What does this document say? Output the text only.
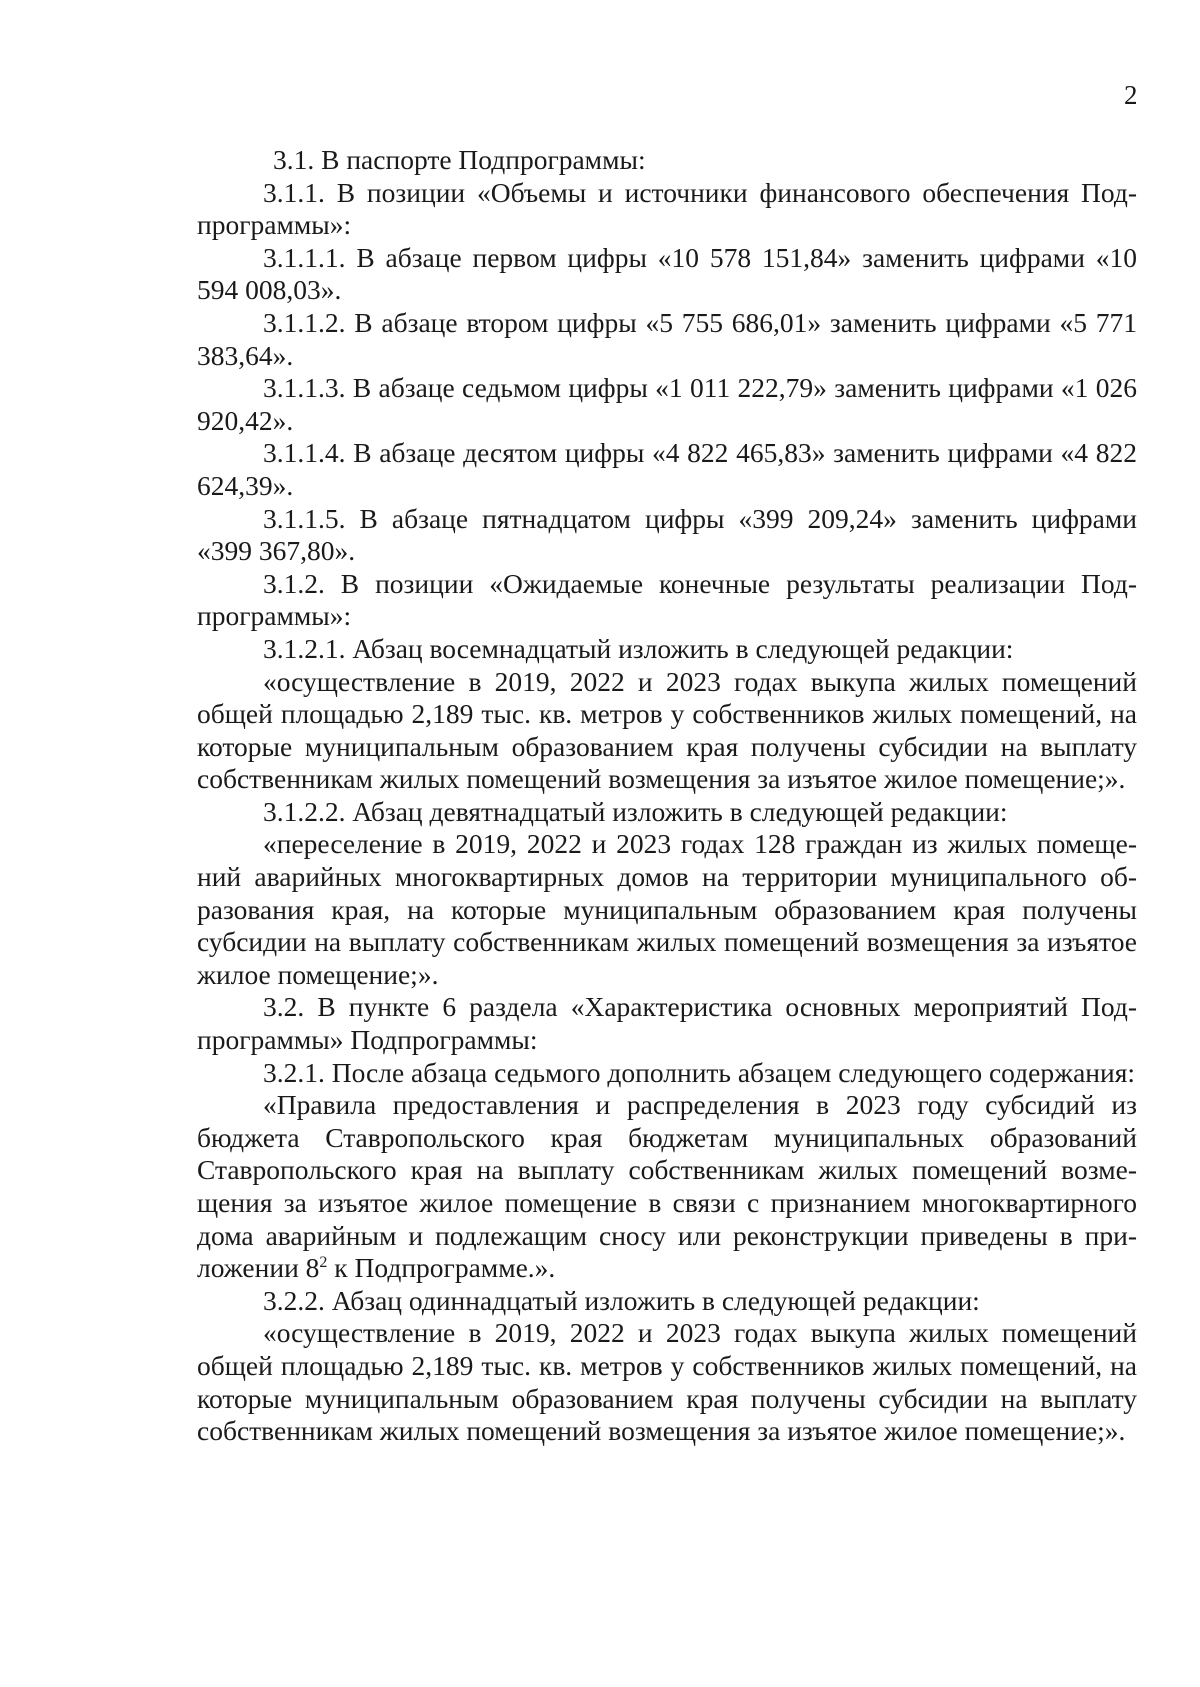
2

3.1. В паспорте Подпрограммы:

3.1.1. В позиции «Объемы и источники финансового обеспечения Подпрограммы»:

3.1.1.1. В абзаце первом цифры «10 578 151,84» заменить цифрами «10 594 008,03».

3.1.1.2. В абзаце втором цифры «5 755 686,01» заменить цифрами «5 771 383,64».

3.1.1.3. В абзаце седьмом цифры «1 011 222,79» заменить цифрами «1 026 920,42».

3.1.1.4. В абзаце десятом цифры «4 822 465,83» заменить цифрами «4 822 624,39».

3.1.1.5. В абзаце пятнадцатом цифры «399 209,24» заменить цифрами «399 367,80».

3.1.2. В позиции «Ожидаемые конечные результаты реализации Подпрограммы»:

3.1.2.1. Абзац восемнадцатый изложить в следующей редакции:

«осуществление в 2019, 2022 и 2023 годах выкупа жилых помещений общей площадью 2,189 тыс. кв. метров у собственников жилых помещений, на которые муниципальным образованием края получены субсидии на выплату собственникам жилых помещений возмещения за изъятое жилое помещение;».

3.1.2.2. Абзац девятнадцатый изложить в следующей редакции:

«переселение в 2019, 2022 и 2023 годах 128 граждан из жилых помещений аварийных многоквартирных домов на территории муниципального образования края, на которые муниципальным образованием края получены субсидии на выплату собственникам жилых помещений возмещения за изъятое жилое помещение;».

3.2. В пункте 6 раздела «Характеристика основных мероприятий Подпрограммы» Подпрограммы:

3.2.1. После абзаца седьмого дополнить абзацем следующего содержания:

«Правила предоставления и распределения в 2023 году субсидий из бюджета Ставропольского края бюджетам муниципальных образований Ставропольского края на выплату собственникам жилых помещений возмещения за изъятое жилое помещение в связи с признанием многоквартирного дома аварийным и подлежащим сносу или реконструкции приведены в приложении $8^2$ к Подпрограмме.».

3.2.2. Абзац одиннадцатый изложить в следующей редакции:

«осуществление в 2019, 2022 и 2023 годах выкупа жилых помещений общей площадью 2,189 тыс. кв. метров у собственников жилых помещений, на которые муниципальным образованием края получены субсидии на выплату собственникам жилых помещений возмещения за изъятое жилое помещение;».
